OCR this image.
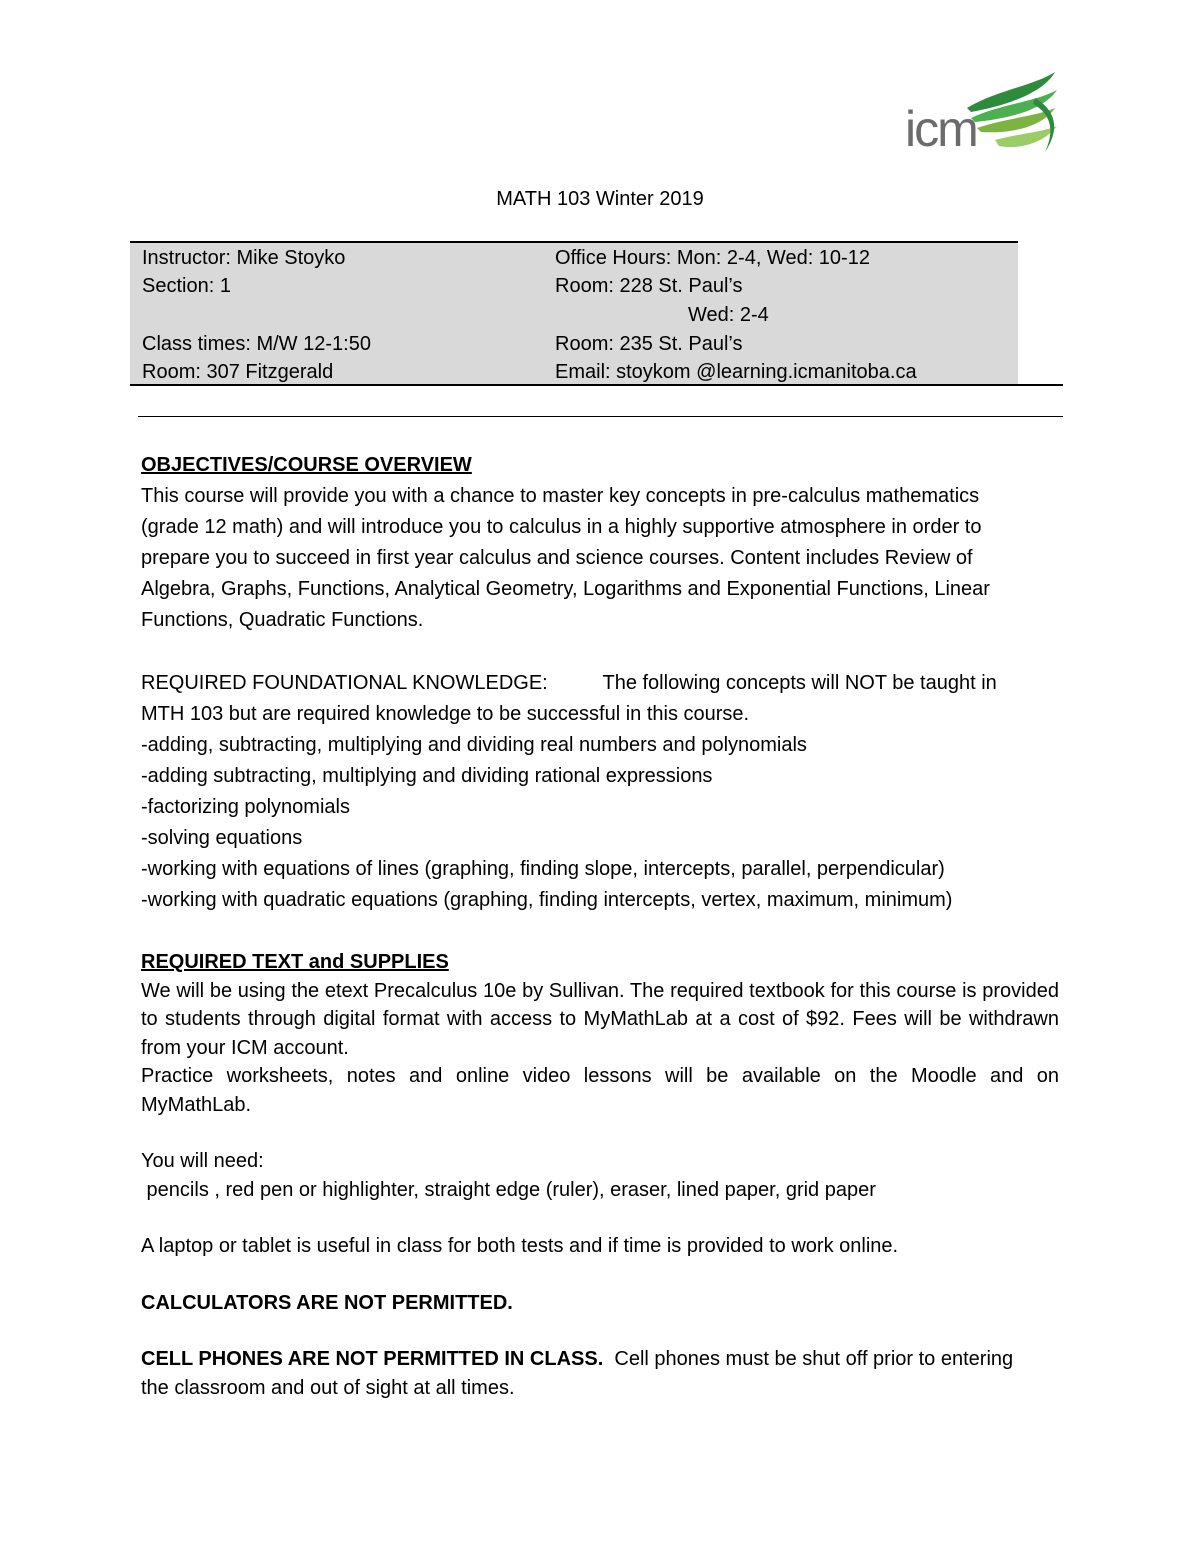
icm
MATH 103 Winter 2019
Instructor: Mike Stoyko
Section: 1
Class times: M/W 12-1:50
Room: 307 Fitzgerald
Office Hours: Mon: 2-4, Wed: 10-12
Room: 228 St. Paul’s
Wed: 2-4
Room: 235 St. Paul’s
Email: stoykom @learning.icmanitoba.ca
OBJECTIVES/COURSE OVERVIEW
This course will provide you with a chance to master key concepts in pre-calculus mathematics
(grade 12 math) and will introduce you to calculus in a highly supportive atmosphere in order to
prepare you to succeed in first year calculus and science courses. Content includes Review of
Algebra, Graphs, Functions, Analytical Geometry, Logarithms and Exponential Functions, Linear
Functions, Quadratic Functions.
REQUIRED FOUNDATIONAL KNOWLEDGE:	The following concepts will NOT be taught in
MTH 103 but are required knowledge to be successful in this course.
-adding, subtracting, multiplying and dividing real numbers and polynomials
-adding subtracting, multiplying and dividing rational expressions
-factorizing polynomials
-solving equations
-working with equations of lines (graphing, finding slope, intercepts, parallel, perpendicular)
-working with quadratic equations (graphing, finding intercepts, vertex, maximum, minimum)

REQUIRED TEXT and SUPPLIES

We will be using the etext Precalculus 10e by Sullivan. The required textbook for this course is provided to students through digital format with access to MyMathLab at a cost of $92. Fees will be withdrawn from your ICM account.

Practice worksheets, notes and online video lessons will be available on the Moodle and on MyMathLab.

You will need:

pencils , red pen or highlighter, straight edge (ruler), eraser, lined paper, grid paper

A laptop or tablet is useful in class for both tests and if time is provided to work online.

CALCULATORS ARE NOT PERMITTED.

CELL PHONES ARE NOT PERMITTED IN CLASS.  Cell phones must be shut off prior to entering

the classroom and out of sight at all times.
